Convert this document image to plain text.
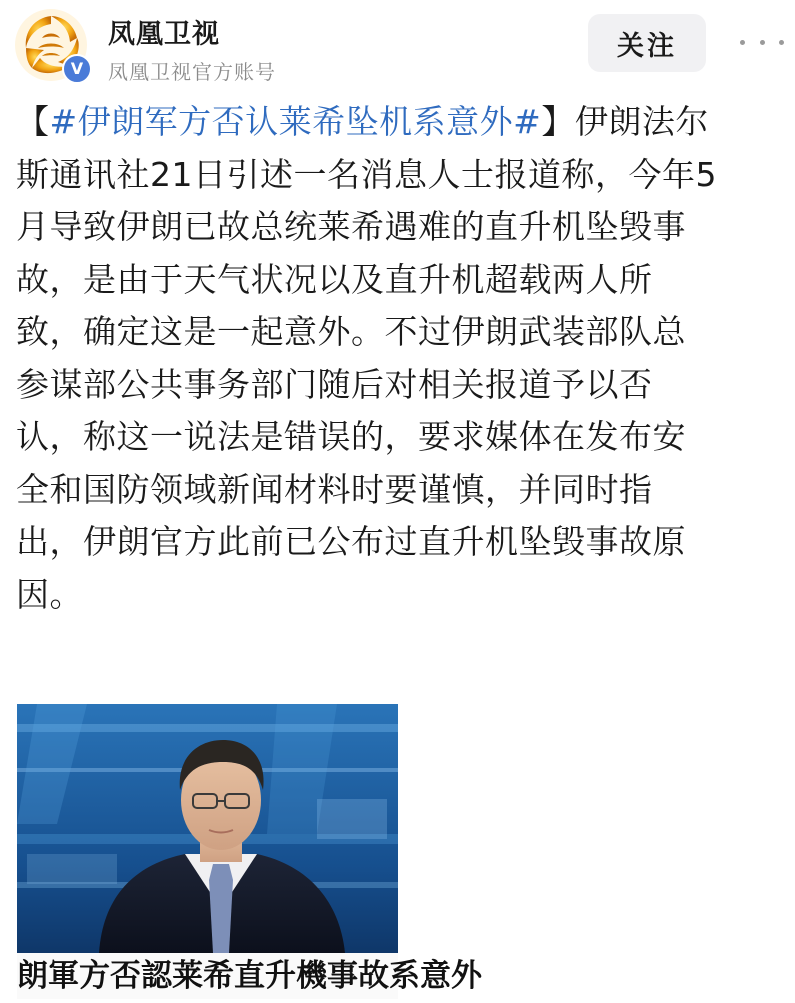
V
凤凰卫视
凤凰卫视官方账号
关注
【#伊朗军方否认莱希坠机系意外#】伊朗法尔
斯通讯社21日引述一名消息人士报道称，今年5
月导致伊朗已故总统莱希遇难的直升机坠毁事
故，是由于天气状况以及直升机超载两人所
致，确定这是一起意外。不过伊朗武装部队总
参谋部公共事务部门随后对相关报道予以否
认，称这一说法是错误的，要求媒体在发布安
全和国防领域新闻材料时要谨慎，并同时指
出，伊朗官方此前已公布过直升机坠毁事故原
因。
朗軍方否認莱希直升機事故系意外
